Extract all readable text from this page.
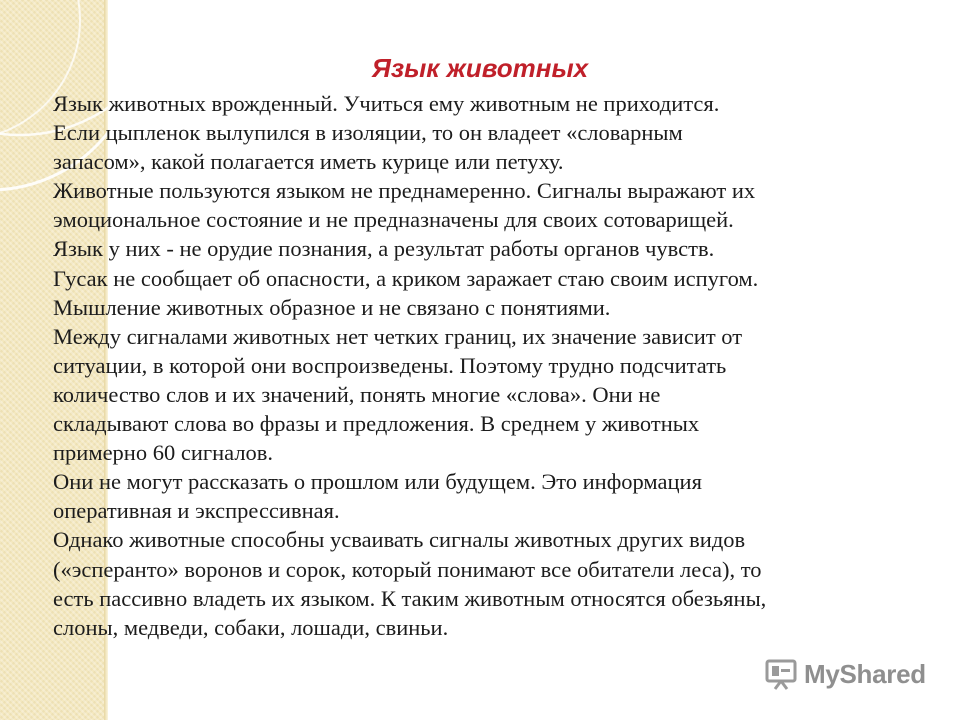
Язык животных
Язык животных врожденный. Учиться ему животным не приходится.
Если цыпленок вылупился в изоляции, то он владеет «словарным
запасом», какой полагается иметь курице или петуху.
Животные пользуются языком не преднамеренно. Сигналы выражают их
эмоциональное состояние и не предназначены для своих сотоварищей.
Язык у них - не орудие познания, а результат работы органов чувств.
Гусак не сообщает об опасности, а криком заражает стаю своим испугом.
Мышление животных образное и не связано с понятиями.
Между сигналами животных нет четких границ, их значение зависит от
ситуации, в которой они воспроизведены. Поэтому трудно подсчитать
количество слов и их значений, понять многие «слова». Они не
складывают слова во фразы и предложения. В среднем у животных
примерно 60 сигналов.
Они не могут рассказать о прошлом или будущем. Это информация
оперативная и экспрессивная.
Однако животные способны усваивать сигналы животных других видов
(«эсперанто» воронов и сорок, который понимают все обитатели леса), то
есть пассивно владеть их языком. К таким животным относятся обезьяны,
слоны, медведи, собаки, лошади, свиньи.
MyShared
